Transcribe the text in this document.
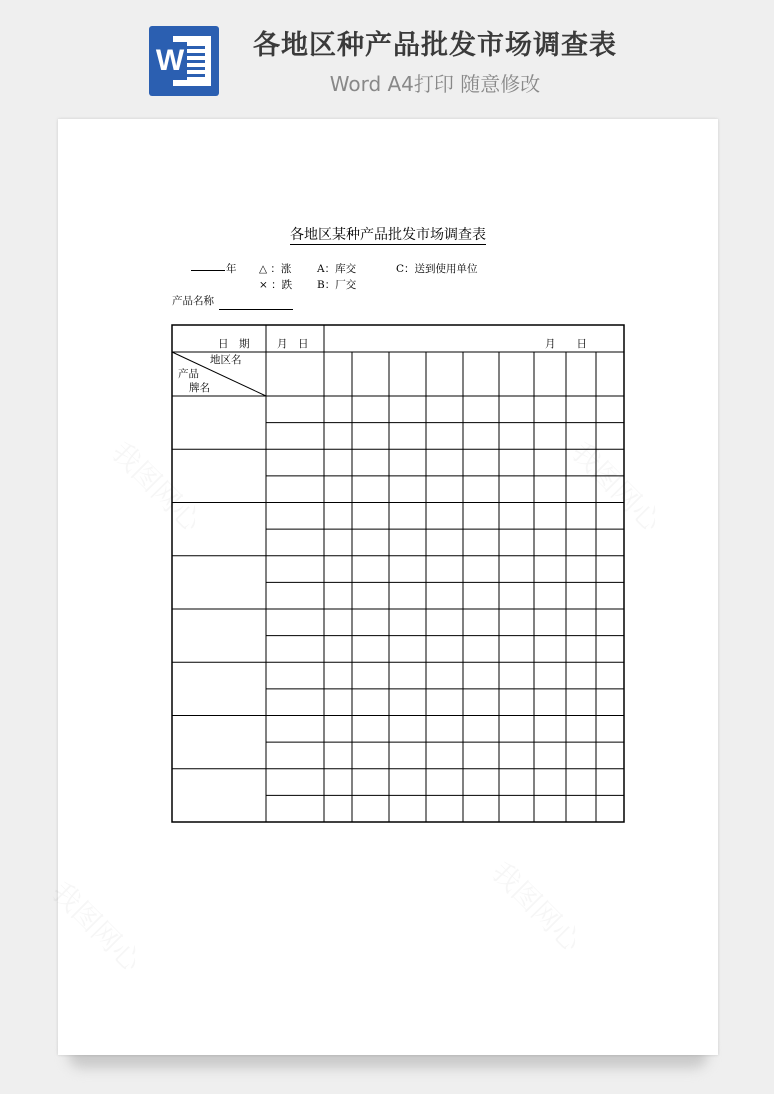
W	各地区种产品批发市场调查表
Word A4打印 随意修改
各地区某种产品批发市场调查表
年 △ ：涨
× ：跌
A：库交
B：厂交
C：送到使用单位
产品名称
日　期	月　日	月　　日
地区名
产品
牌名
